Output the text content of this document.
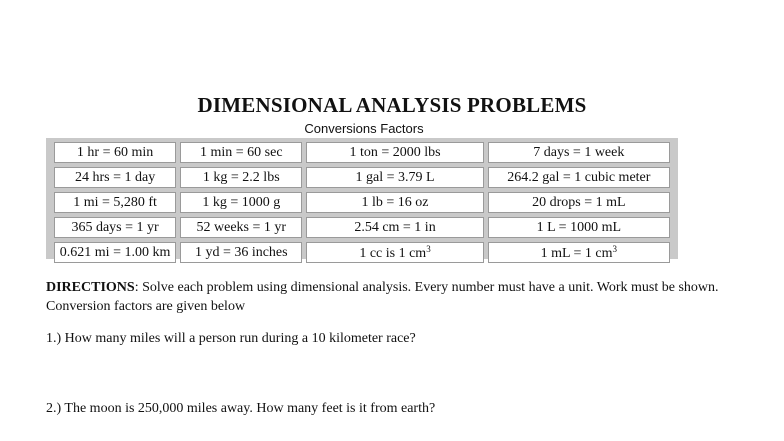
DIMENSIONAL ANALYSIS PROBLEMS
Conversions Factors
1 hr = 60 min	1 min = 60 sec	1 ton = 2000 lbs	7 days = 1 week
24 hrs = 1 day	1 kg = 2.2 lbs	1 gal = 3.79 L	264.2 gal = 1 cubic meter
1 mi = 5,280 ft	1 kg = 1000 g	1 lb = 16 oz	20 drops = 1 mL
365 days = 1 yr	52 weeks = 1 yr	2.54 cm = 1 in	1 L = 1000 mL
0.621 mi = 1.00 km	1 yd = 36 inches	1 cc is 1 $cm^3$	1 mL = 1 $cm^3$
DIRECTIONS: Solve each problem using dimensional analysis. Every number must have a unit. Work must be shown. Conversion factors are given below
1.) How many miles will a person run during a 10 kilometer race?
2.) The moon is 250,000 miles away. How many feet is it from earth?
